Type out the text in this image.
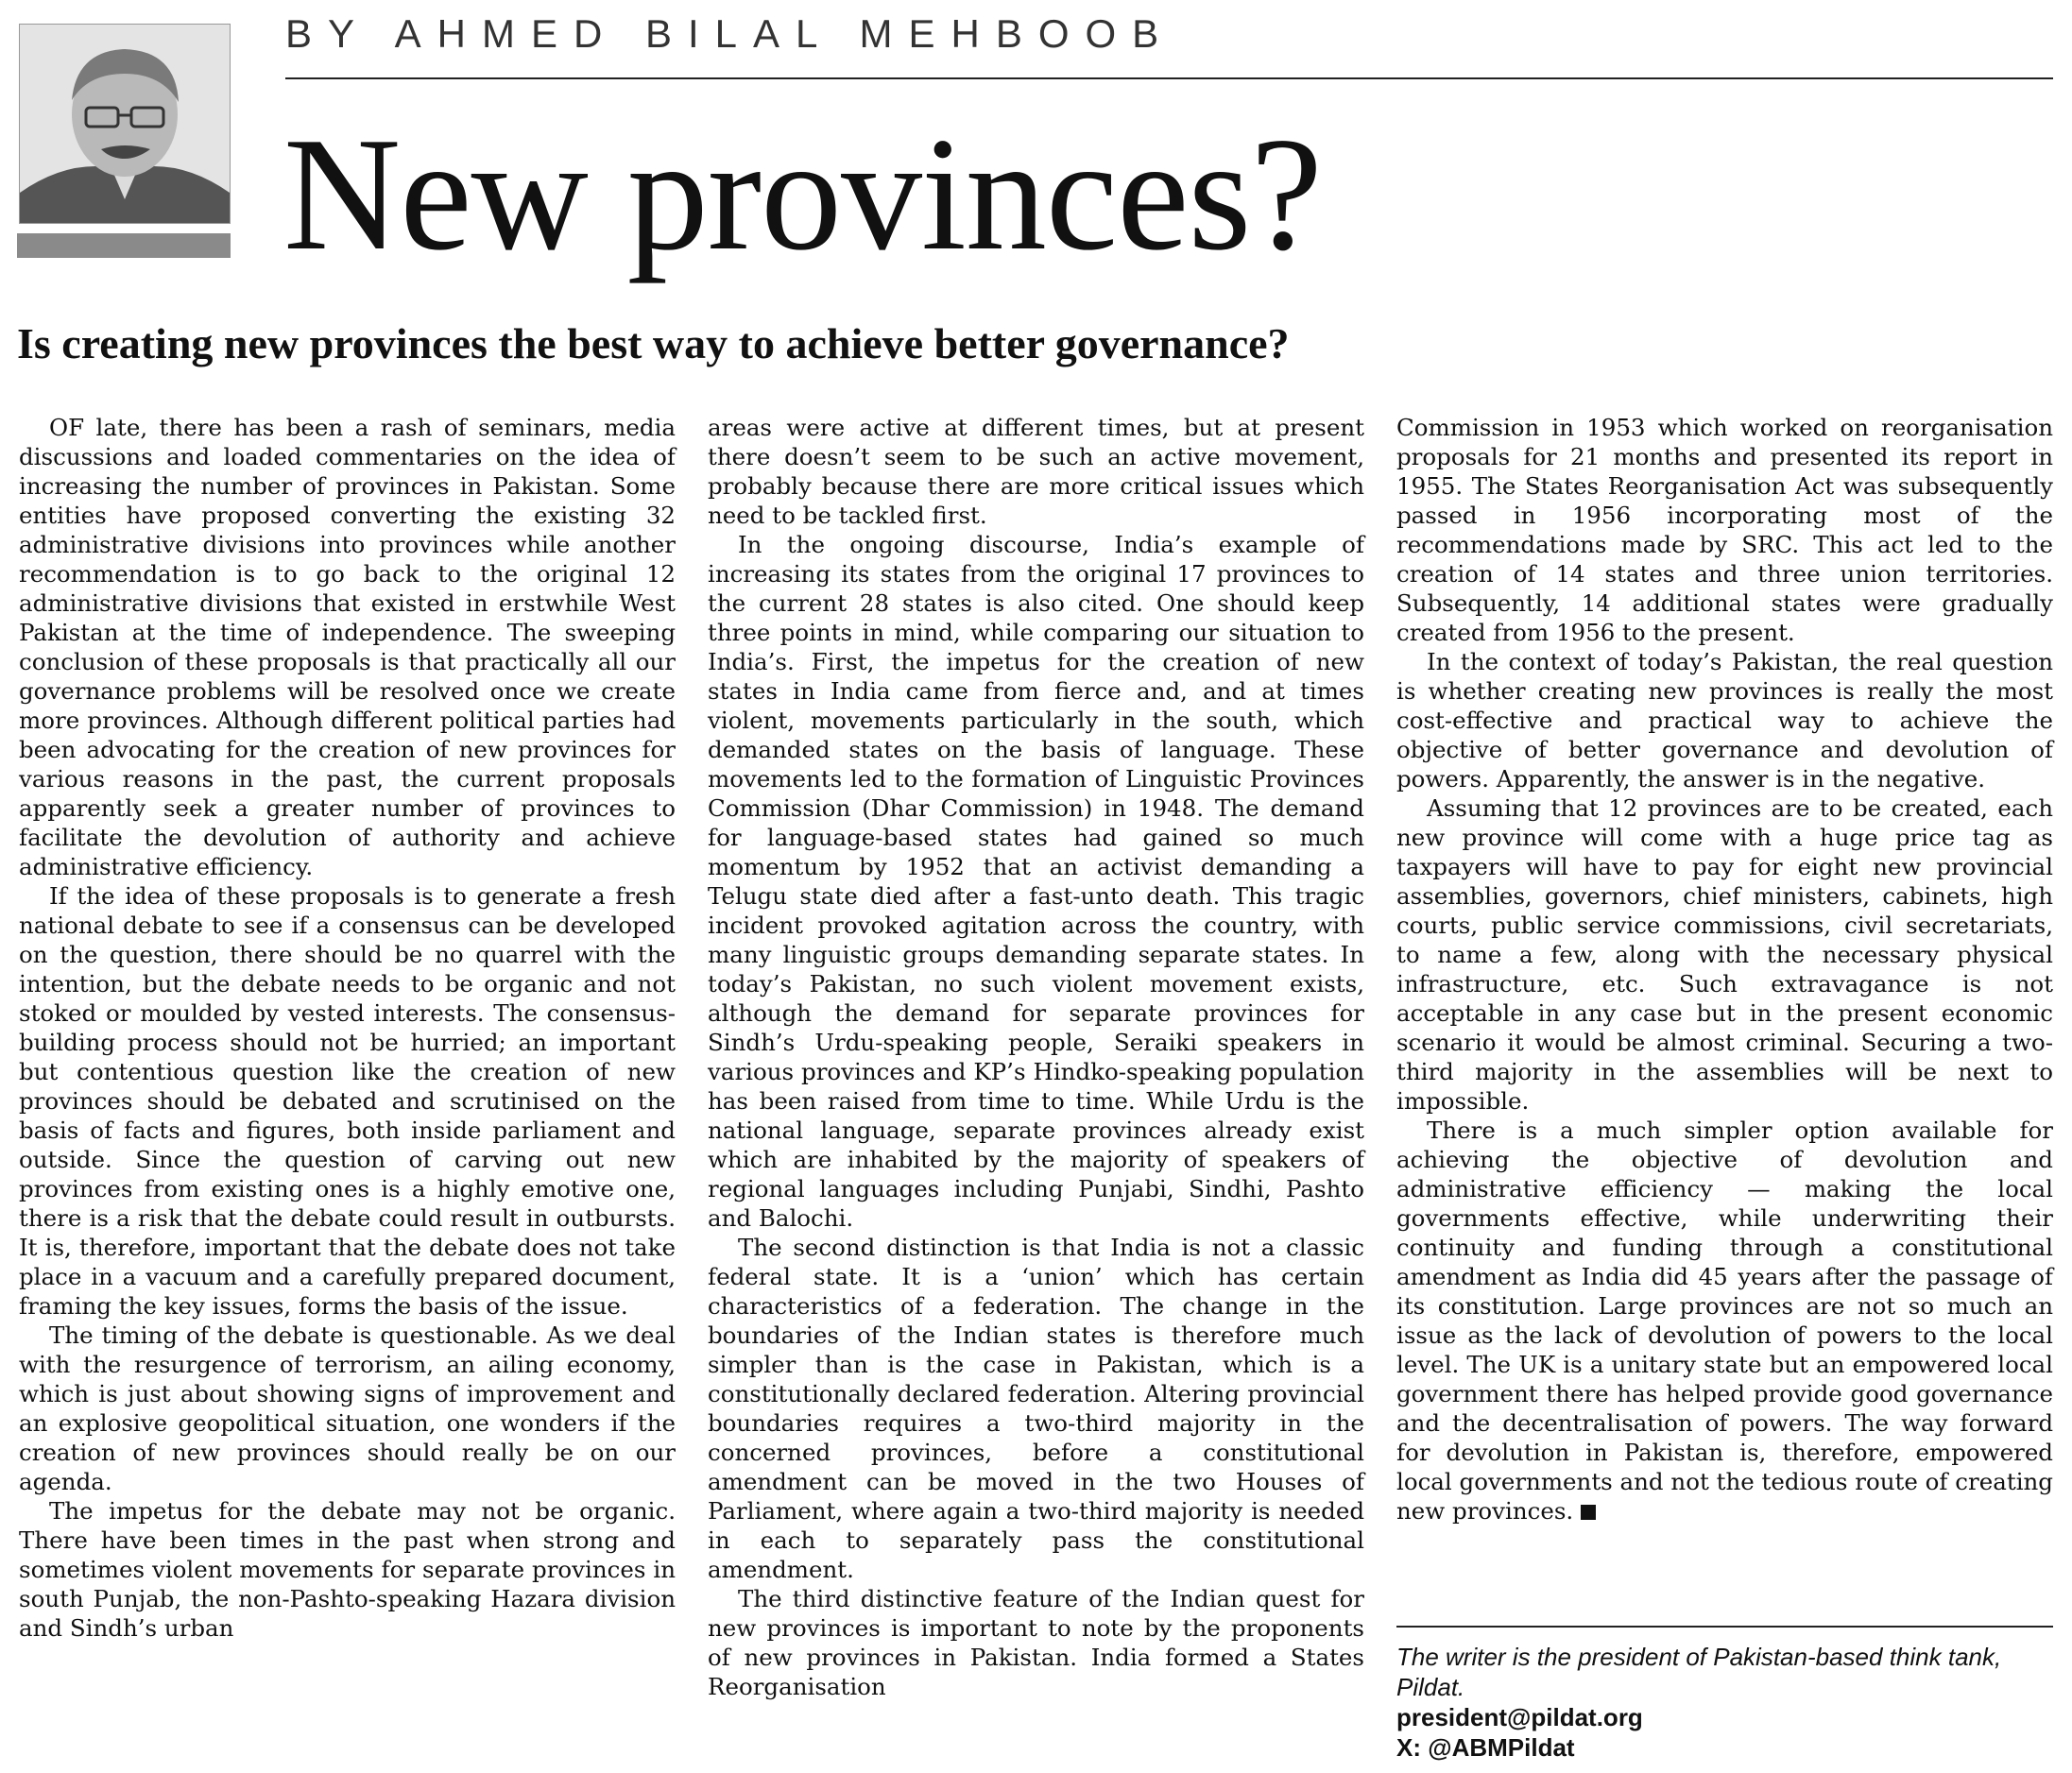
BY AHMED BILAL MEHBOOB
New provinces?
Is creating new provinces the best way to achieve better governance?

OF late, there has been a rash of seminars, media discussions and loaded commentaries on the idea of increasing the number of provinces in Pakistan. Some entities have proposed converting the existing 32 administrative divisions into provinces while another recommendation is to go back to the original 12 administrative divisions that existed in erstwhile West Pakistan at the time of independence. The sweeping conclusion of these proposals is that practically all our governance problems will be resolved once we create more provinces. Although different political parties had been advocating for the creation of new provinces for various reasons in the past, the current proposals apparently seek a greater number of provinces to facilitate the devolution of authority and achieve administrative efficiency.

If the idea of these proposals is to generate a fresh national debate to see if a consensus can be developed on the question, there should be no quarrel with the intention, but the debate needs to be organic and not stoked or moulded by vested interests. The consensus-building process should not be hurried; an important but contentious question like the creation of new provinces should be debated and scrutinised on the basis of facts and figures, both inside parliament and outside. Since the question of carving out new provinces from existing ones is a highly emotive one, there is a risk that the debate could result in outbursts. It is, therefore, important that the debate does not take place in a vacuum and a carefully prepared document, framing the key issues, forms the basis of the issue.

The timing of the debate is questionable. As we deal with the resurgence of terrorism, an ailing economy, which is just about showing signs of improvement and an explosive geopolitical situation, one wonders if the creation of new provinces should really be on our agenda.

The impetus for the debate may not be organic. There have been times in the past when strong and sometimes violent movements for separate provinces in south Punjab, the non-Pashto-speaking Hazara division and Sindh’s urban

areas were active at different times, but at present there doesn’t seem to be such an active movement, probably because there are more critical issues which need to be tackled first.

In the ongoing discourse, India’s example of increasing its states from the original 17 provinces to the current 28 states is also cited. One should keep three points in mind, while comparing our situation to India’s. First, the impetus for the creation of new states in India came from fierce and, and at times violent, movements particularly in the south, which demanded states on the basis of language. These movements led to the formation of Linguistic Provinces Commission (Dhar Commission) in 1948. The demand for language-based states had gained so much momentum by 1952 that an activist demanding a Telugu state died after a fast-unto death. This tragic incident provoked agitation across the country, with many linguistic groups demanding separate states. In today’s Pakistan, no such violent movement exists, although the demand for separate provinces for Sindh’s Urdu-speaking people, Seraiki speakers in various provinces and KP’s Hindko-speaking population has been raised from time to time. While Urdu is the national language, separate provinces already exist which are inhabited by the majority of speakers of regional languages including Punjabi, Sindhi, Pashto and Balochi.

The second distinction is that India is not a classic federal state. It is a ‘union’ which has certain characteristics of a federation. The change in the boundaries of the Indian states is therefore much simpler than is the case in Pakistan, which is a constitutionally declared federation. Altering provincial boundaries requires a two-third majority in the concerned provinces, before a constitutional amendment can be moved in the two Houses of Parliament, where again a two-third majority is needed in each to separately pass the constitutional amendment.

The third distinctive feature of the Indian quest for new provinces is important to note by the proponents of new provinces in Pakistan. India formed a States Reorganisation

Commission in 1953 which worked on reorganisation proposals for 21 months and presented its report in 1955. The States Reorganisation Act was subsequently passed in 1956 incorporating most of the recommendations made by SRC. This act led to the creation of 14 states and three union territories. Subsequently, 14 additional states were gradually created from 1956 to the present.

In the context of today’s Pakistan, the real question is whether creating new provinces is really the most cost-effective and practical way to achieve the objective of better governance and devolution of powers. Apparently, the answer is in the negative.

Assuming that 12 provinces are to be created, each new province will come with a huge price tag as taxpayers will have to pay for eight new provincial assemblies, governors, chief ministers, cabinets, high courts, public service commissions, civil secretariats, to name a few, along with the necessary physical infrastructure, etc. Such extravagance is not acceptable in any case but in the present economic scenario it would be almost criminal. Securing a two-third majority in the assemblies will be next to impossible.

There is a much simpler option available for achieving the objective of devolution and administrative efficiency — making the local governments effective, while underwriting their continuity and funding through a constitutional amendment as India did 45 years after the passage of its constitution. Large provinces are not so much an issue as the lack of devolution of powers to the local level. The UK is a unitary state but an empowered local government there has helped provide good governance and the decentralisation of powers. The way forward for devolution in Pakistan is, therefore, empowered local governments and not the tedious route of creating new provinces.

The writer is the president of Pakistan-based think tank, Pildat.
president@pildat.org
X: @ABMPildat
